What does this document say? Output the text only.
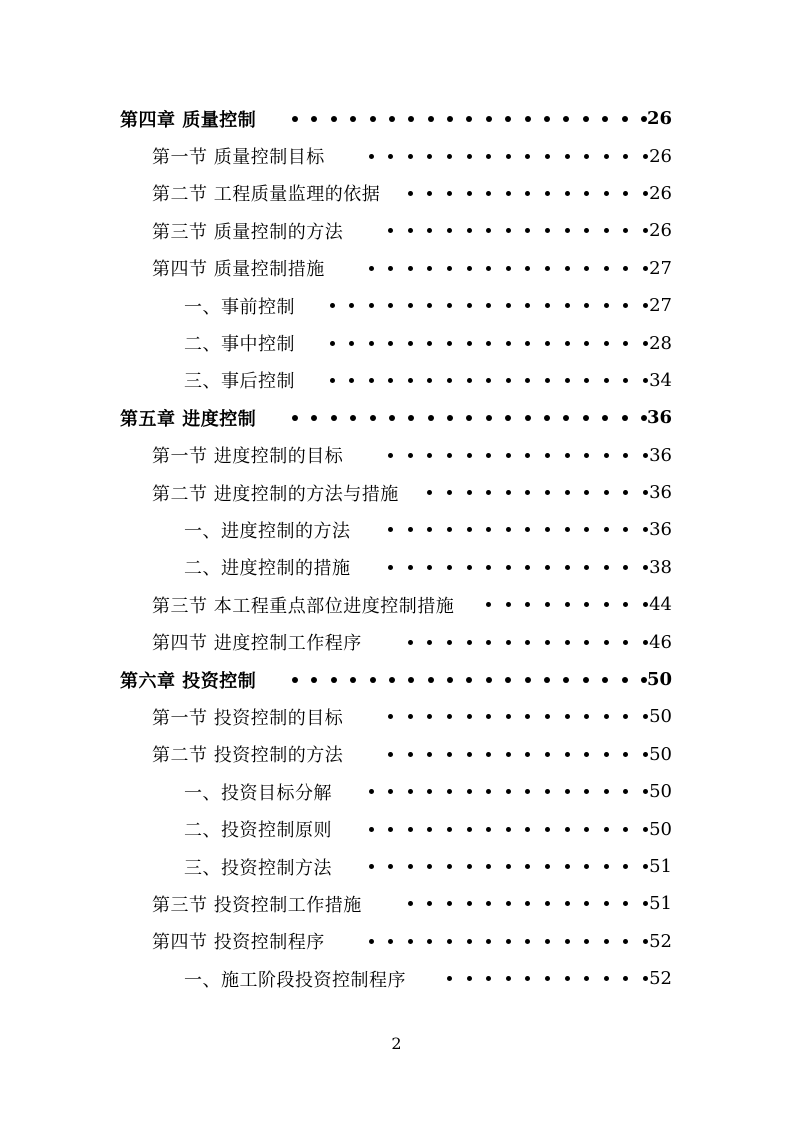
第四章 质量控制	26
第一节 质量控制目标	26
第二节 工程质量监理的依据	26
第三节 质量控制的方法	26
第四节 质量控制措施	27
一、事前控制	27
二、事中控制	28
三、事后控制	34
第五章 进度控制	36
第一节 进度控制的目标	36
第二节 进度控制的方法与措施	36
一、进度控制的方法	36
二、进度控制的措施	38
第三节 本工程重点部位进度控制措施	44
第四节 进度控制工作程序	46
第六章 投资控制	50
第一节 投资控制的目标	50
第二节 投资控制的方法	50
一、投资目标分解	50
二、投资控制原则	50
三、投资控制方法	51
第三节 投资控制工作措施	51
第四节 投资控制程序	52
一、施工阶段投资控制程序	52
2
